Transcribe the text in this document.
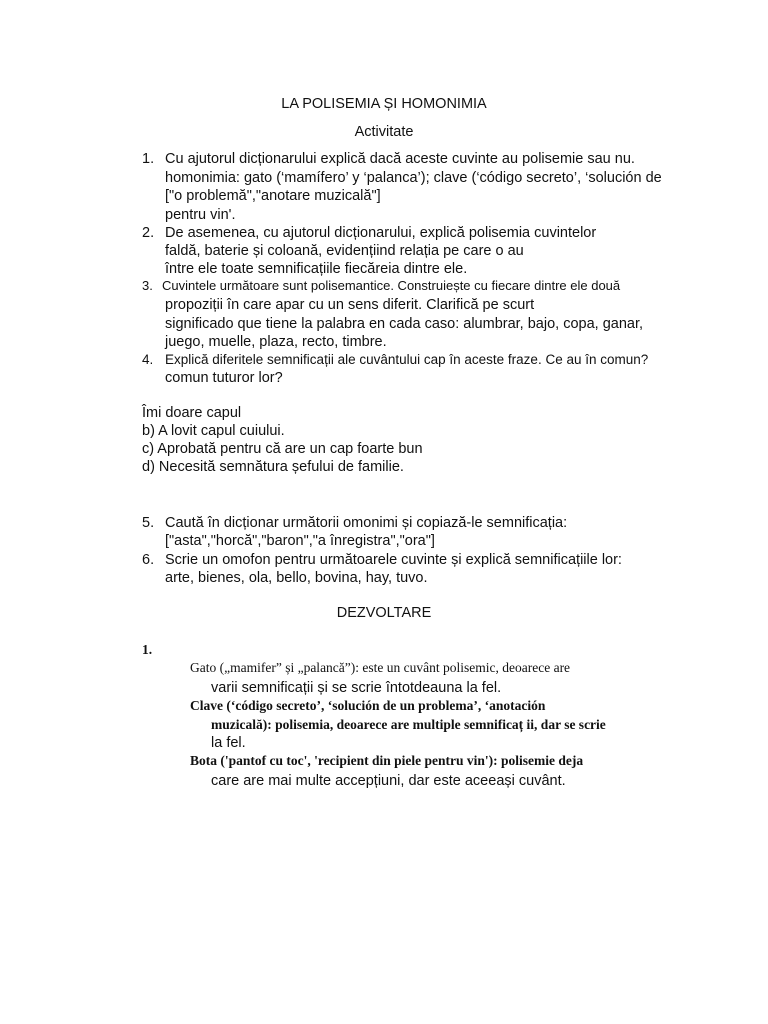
LA POLISEMIA ȘI HOMONIMIA
Activitate
1. Cu ajutorul dicționarului explică dacă aceste cuvinte au polisemie sau nu.
homonimia: gato (‘mamífero’ y ‘palanca’); clave (‘código secreto’, ‘solución de
["o problemă","anotare muzicală"]
pentru vin'.
2. De asemenea, cu ajutorul dicționarului, explică polisemia cuvintelor
faldă, baterie și coloană, evidențiind relația pe care o au
între ele toate semnificațiile fiecăreia dintre ele.
3. Cuvintele următoare sunt polisemantice. Construiește cu fiecare dintre ele două
propoziții în care apar cu un sens diferit. Clarifică pe scurt
significado que tiene la palabra en cada caso: alumbrar, bajo, copa, ganar,
juego, muelle, plaza, recto, timbre.
4. Explică diferitele semnificații ale cuvântului cap în aceste fraze. Ce au în comun?
comun tuturor lor?
Îmi doare capul
b) A lovit capul cuiului.
c) Aprobată pentru că are un cap foarte bun
d) Necesită semnătura șefului de familie.
5. Caută în dicționar următorii omonimi și copiază-le semnificația:
["asta","horcă","baron","a înregistra","ora"]
6. Scrie un omofon pentru următoarele cuvinte și explică semnificațiile lor:
arte, bienes, ola, bello, bovina, hay, tuvo.
DEZVOLTARE
1.
Gato („mamifer” și „palancă”): este un cuvânt polisemic, deoarece are
varii semnificații și se scrie întotdeauna la fel.
Clave (‘código secreto’, ‘solución de un problema’, ‘anotación
muzicală): polisemia, deoarece are multiple semnificaț ii, dar se scrie
la fel.
Bota ('pantof cu toc', 'recipient din piele pentru vin'): polisemie deja
care are mai multe accepțiuni, dar este aceeași cuvânt.
